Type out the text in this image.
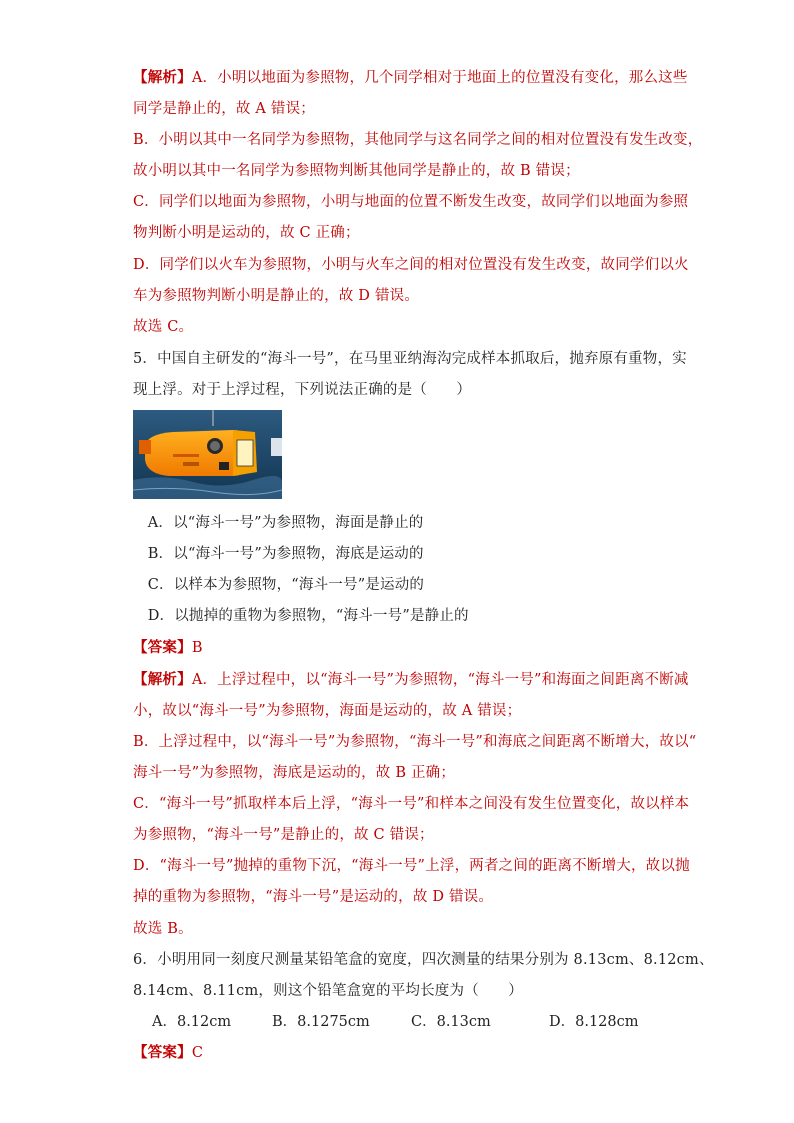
【解析】A．小明以地面为参照物，几个同学相对于地面上的位置没有变化，那么这些
同学是静止的，故 A 错误；
B．小明以其中一名同学为参照物，其他同学与这名同学之间的相对位置没有发生改变，
故小明以其中一名同学为参照物判断其他同学是静止的，故 B 错误；
C．同学们以地面为参照物，小明与地面的位置不断发生改变，故同学们以地面为参照
物判断小明是运动的，故 C 正确；
D．同学们以火车为参照物，小明与火车之间的相对位置没有发生改变，故同学们以火
车为参照物判断小明是静止的，故 D 错误。
故选 C。
5．中国自主研发的“海斗一号”，在马里亚纳海沟完成样本抓取后，抛弃原有重物，实
现上浮。对于上浮过程，下列说法正确的是（　　）
　A．以“海斗一号”为参照物，海面是静止的
　B．以“海斗一号”为参照物，海底是运动的
　C．以样本为参照物，“海斗一号”是运动的
　D．以抛掉的重物为参照物，“海斗一号”是静止的
【答案】B
【解析】A．上浮过程中，以“海斗一号”为参照物，“海斗一号”和海面之间距离不断减
小，故以“海斗一号”为参照物，海面是运动的，故 A 错误；
B．上浮过程中，以“海斗一号”为参照物，“海斗一号”和海底之间距离不断增大，故以“
海斗一号”为参照物，海底是运动的，故 B 正确；
C．“海斗一号”抓取样本后上浮，“海斗一号”和样本之间没有发生位置变化，故以样本
为参照物，“海斗一号”是静止的，故 C 错误；
D．“海斗一号”抛掉的重物下沉，“海斗一号”上浮，两者之间的距离不断增大，故以抛
掉的重物为参照物，“海斗一号”是运动的，故 D 错误。
故选 B。
6．小明用同一刻度尺测量某铅笔盒的宽度，四次测量的结果分别为 8.13cm、8.12cm、
8.14cm、8.11cm，则这个铅笔盒宽的平均长度为（　　）
A．8.12cm	B．8.1275cm	C．8.13cm	D．8.128cm
【答案】C
